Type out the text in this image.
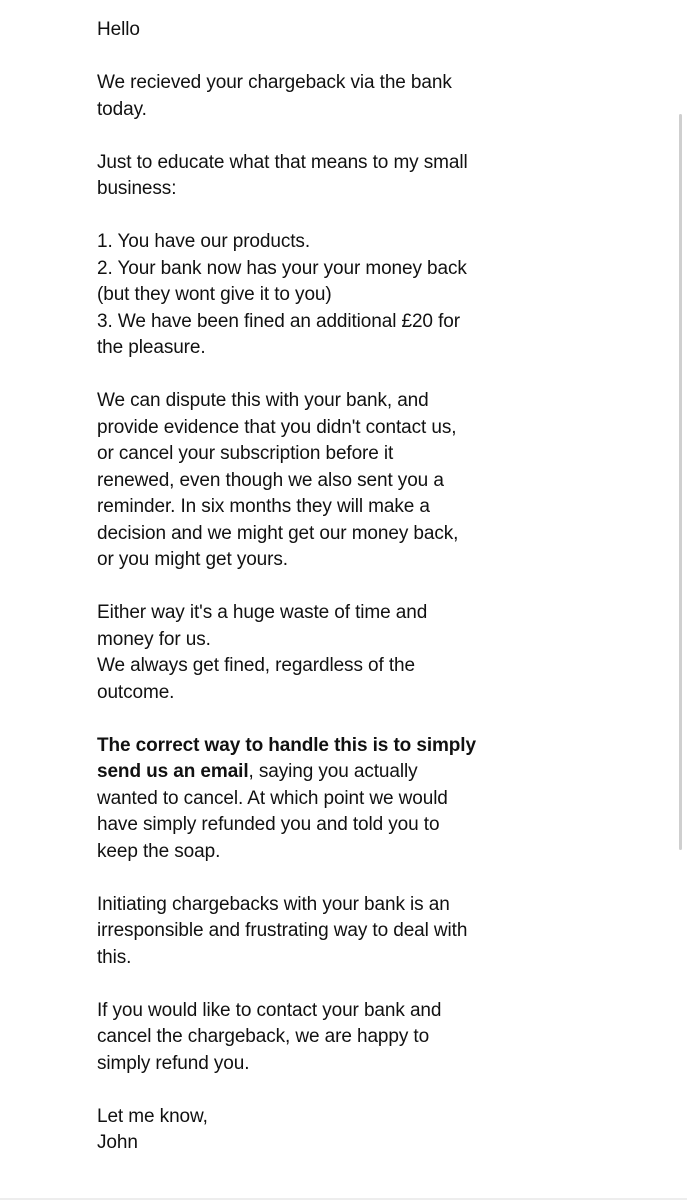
Hello

We recieved your chargeback via the bank
today.

Just to educate what that means to my small
business:

1. You have our products.
2. Your bank now has your your money back
(but they wont give it to you)
3. We have been fined an additional £20 for
the pleasure.

We can dispute this with your bank, and
provide evidence that you didn't contact us,
or cancel your subscription before it
renewed, even though we also sent you a
reminder. In six months they will make a
decision and we might get our money back,
or you might get yours.

Either way it's a huge waste of time and
money for us.
We always get fined, regardless of the
outcome.

The correct way to handle this is to simply
send us an email, saying you actually
wanted to cancel. At which point we would
have simply refunded you and told you to
keep the soap.

Initiating chargebacks with your bank is an
irresponsible and frustrating way to deal with
this.

If you would like to contact your bank and
cancel the chargeback, we are happy to
simply refund you.

Let me know,
John
